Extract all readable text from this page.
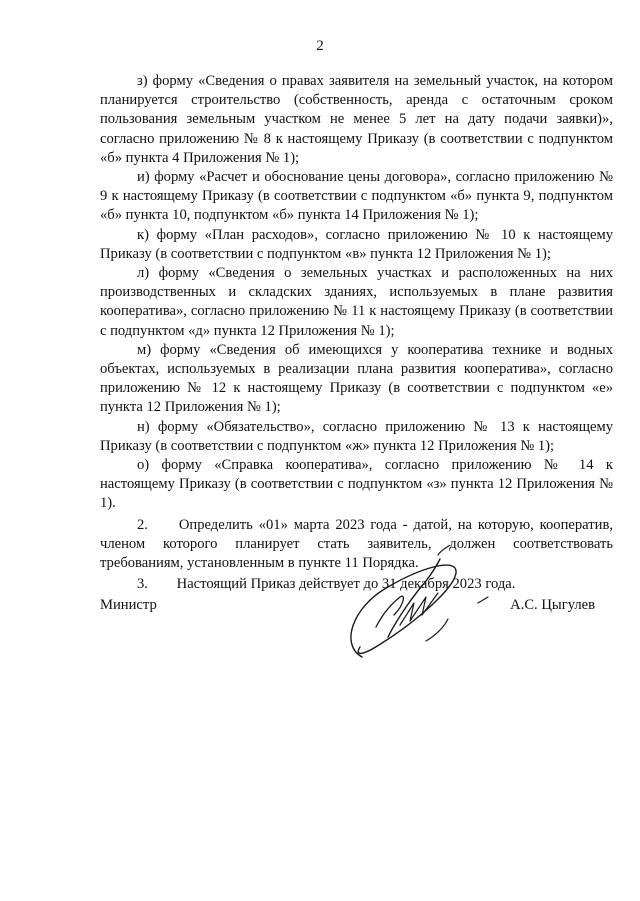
2

з) форму «Сведения о правах заявителя на земельный участок, на котором планируется строительство (собственность, аренда с остаточным сроком пользования земельным участком не менее 5 лет на дату подачи заявки)», согласно приложению № 8 к настоящему Приказу (в соответствии с подпунктом «б» пункта 4 Приложения № 1);

и) форму «Расчет и обоснование цены договора», согласно приложению № 9 к настоящему Приказу (в соответствии с подпунктом «б» пункта 9, подпунктом «б» пункта 10, подпунктом «б» пункта 14 Приложения № 1);

к) форму «План расходов», согласно приложению № 10 к настоящему Приказу (в соответствии с подпунктом «в» пункта 12 Приложения № 1);

л) форму «Сведения о земельных участках и расположенных на них производственных и складских зданиях, используемых в плане развития кооператива», согласно приложению № 11 к настоящему Приказу (в соответствии с подпунктом «д» пункта 12 Приложения № 1);

м) форму «Сведения об имеющихся у кооператива технике и водных объектах, используемых в реализации плана развития кооператива», согласно приложению № 12 к настоящему Приказу (в соответствии с подпунктом «е» пункта 12 Приложения № 1);

н) форму «Обязательство», согласно приложению № 13 к настоящему Приказу (в соответствии с подпунктом «ж» пункта 12 Приложения № 1);

о) форму «Справка кооператива», согласно приложению № 14 к настоящему Приказу (в соответствии с подпунктом «з» пункта 12 Приложения № 1).

2. Определить «01» марта 2023 года - датой, на которую, кооператив, членом которого планирует стать заявитель, должен соответствовать требованиям, установленным в пункте 11 Порядка.

3. Настоящий Приказ действует до 31 декабря 2023 года.

Министр	А.С. Цыгулев
